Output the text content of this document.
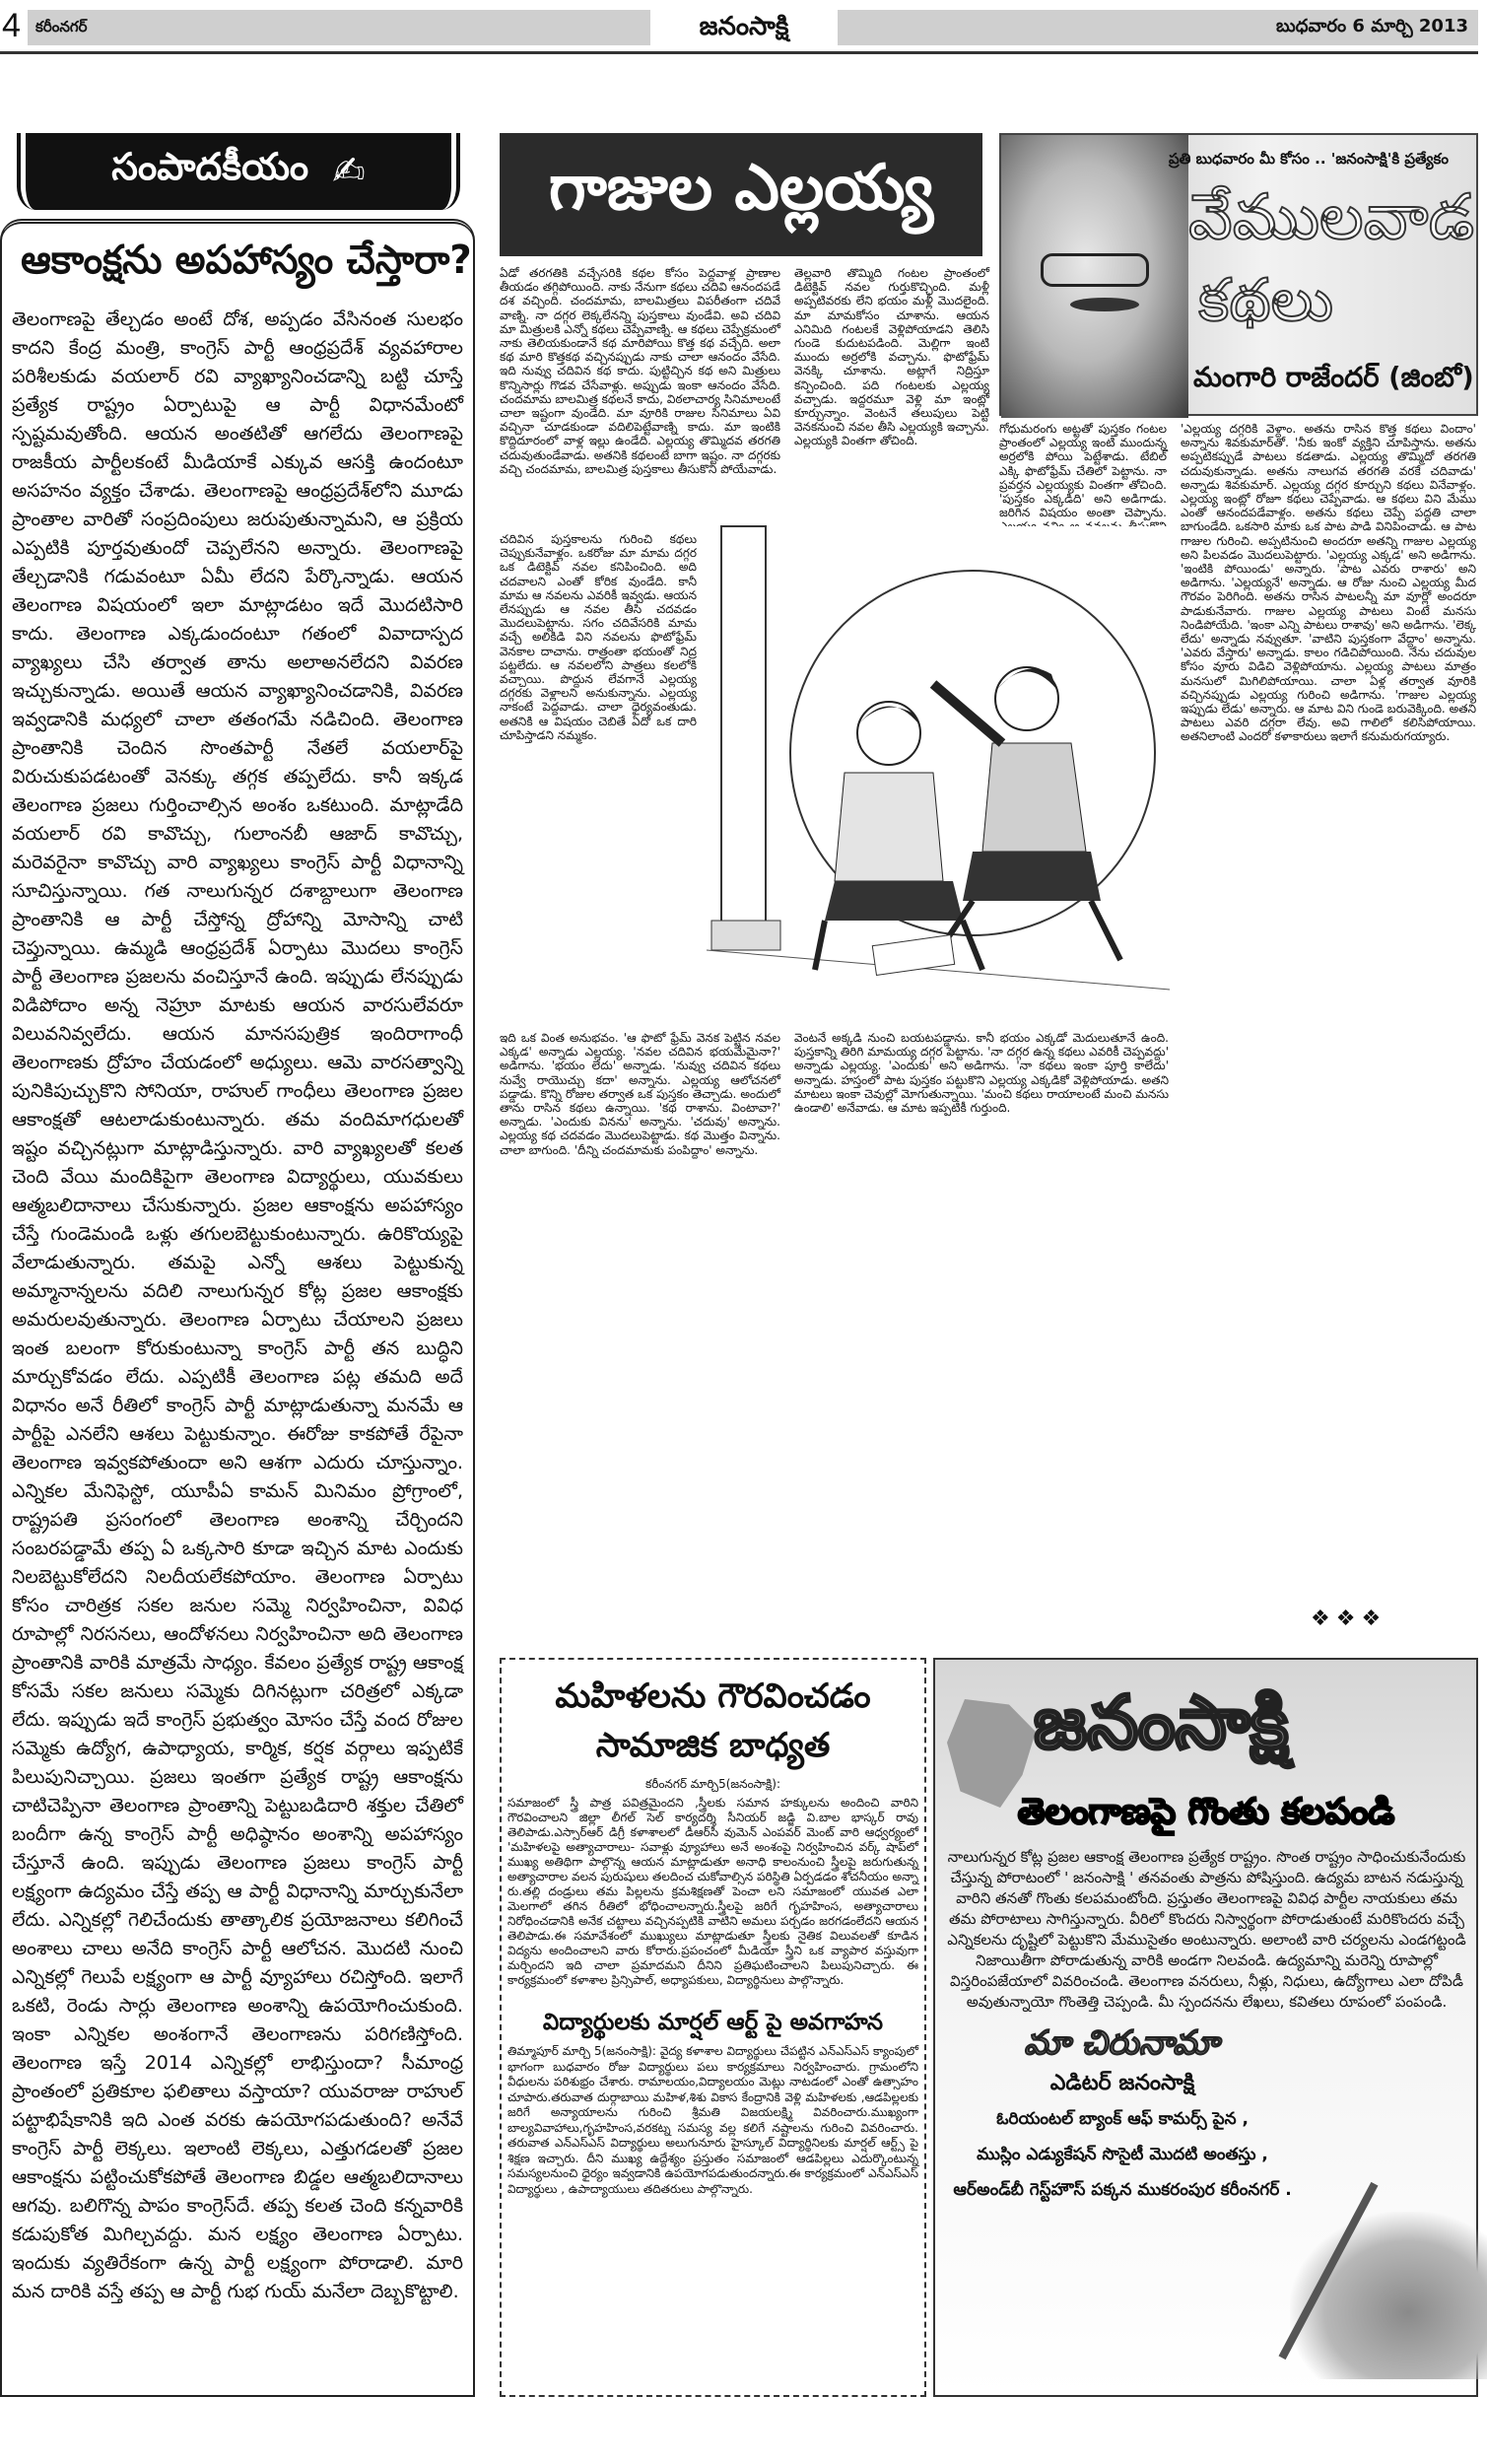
4 కరీంనగర్	జనంసాక్షి	బుధవారం 6 మార్చి 2013
సంపాదకీయం ✍
ఆకాంక్షను అపహాస్యం చేస్తారా?

తెలంగాణపై తేల్చడం అంటే దోశ, అప్పడం వేసినంత సులభం కాదని కేంద్ర మంత్రి, కాంగ్రెస్ పార్టీ ఆంధ్రప్రదేశ్ వ్యవహారాల పరిశీలకుడు వయలార్ రవి వ్యాఖ్యానించడాన్ని బట్టి చూస్తే ప్రత్యేక రాష్ట్రం ఏర్పాటుపై ఆ పార్టీ విధానమేంటో స్పష్టమవుతోంది. ఆయన అంతటితో ఆగలేదు తెలంగాణపై రాజకీయ పార్టీలకంటే మీడియాకే ఎక్కువ ఆసక్తి ఉందంటూ అసహనం వ్యక్తం చేశాడు. తెలంగాణపై ఆంధ్రప్రదేశ్‌లోని మూడు ప్రాంతాల వారితో సంప్రదింపులు జరుపుతున్నామని, ఆ ప్రక్రియ ఎప్పటికి పూర్తవుతుందో చెప్పలేనని అన్నారు. తెలంగాణపై తేల్చడానికి గడువంటూ ఏమీ లేదని పేర్కొన్నాడు. ఆయన తెలంగాణ విషయంలో ఇలా మాట్లాడటం ఇదే మొదటిసారి కాదు. తెలంగాణ ఎక్కడుందంటూ గతంలో వివాదాస్పద వ్యాఖ్యలు చేసి తర్వాత తాను అలాఅనలేదని వివరణ ఇచ్చుకున్నాడు. అయితే ఆయన వ్యాఖ్యానించడానికి, వివరణ ఇవ్వడానికి మధ్యలో చాలా తతంగమే నడిచింది. తెలంగాణ ప్రాంతానికి చెందిన సొంతపార్టీ నేతలే వయలార్‌పై విరుచుకుపడటంతో వెనక్కు తగ్గక తప్పలేదు. కానీ ఇక్కడ తెలంగాణ ప్రజలు గుర్తించాల్సిన అంశం ఒకటుంది. మాట్లాడేది వయలార్ రవి కావొచ్చు, గులాంనబీ ఆజాద్ కావొచ్చు, మరెవరైనా కావొచ్చు వారి వ్యాఖ్యలు కాంగ్రెస్ పార్టీ విధానాన్ని సూచిస్తున్నాయి. గత నాలుగున్నర దశాబ్దాలుగా తెలంగాణ ప్రాంతానికి ఆ పార్టీ చేస్తోన్న ద్రోహాన్ని మోసాన్ని చాటి చెప్తున్నాయి. ఉమ్మడి ఆంధ్రప్రదేశ్ ఏర్పాటు మొదలు కాంగ్రెస్ పార్టీ తెలంగాణ ప్రజలను వంచిస్తూనే ఉంది. ఇప్పుడు లేనప్పుడు విడిపోదాం అన్న నెహ్రూ మాటకు ఆయన వారసులేవరూ విలువనివ్వలేదు. ఆయన మానసపుత్రిక ఇందిరాగాంధీ తెలంగాణకు ద్రోహం చేయడంలో అధ్యులు. ఆమె వారసత్వాన్ని పునికిపుచ్చుకొని సోనియా, రాహుల్ గాంధీలు తెలంగాణ ప్రజల ఆకాంక్షతో ఆటలాడుకుంటున్నారు. తమ వందిమాగధులతో ఇష్టం వచ్చినట్లుగా మాట్లాడిస్తున్నారు. వారి వ్యాఖ్యలతో కలత చెంది వేయి మందికిపైగా తెలంగాణ విద్యార్థులు, యువకులు ఆత్మబలిదానాలు చేసుకున్నారు. ప్రజల ఆకాంక్షను అపహాస్యం చేస్తే గుండెమండి ఒళ్లు తగులబెట్టుకుంటున్నారు. ఉరికొయ్యపై వేలాడుతున్నారు. తమపై ఎన్నో ఆశలు పెట్టుకున్న అమ్మానాన్నలను వదిలి నాలుగున్నర కోట్ల ప్రజల ఆకాంక్షకు అమరులవుతున్నారు. తెలంగాణ ఏర్పాటు చేయాలని ప్రజలు ఇంత బలంగా కోరుకుంటున్నా కాంగ్రెస్ పార్టీ తన బుద్ధిని మార్చుకోవడం లేదు. ఎప్పటికీ తెలంగాణ పట్ల తమది అదే విధానం అనే రీతిలో కాంగ్రెస్ పార్టీ మాట్లాడుతున్నా మనమే ఆ పార్టీపై ఎనలేని ఆశలు పెట్టుకున్నాం. ఈరోజు కాకపోతే రేపైనా తెలంగాణ ఇవ్వకపోతుందా అని ఆశగా ఎదురు చూస్తున్నాం. ఎన్నికల మేనిఫెస్టో, యూపీఏ కామన్ మినిమం ప్రోగ్రాంలో, రాష్ట్రపతి ప్రసంగంలో తెలంగాణ అంశాన్ని చేర్చిందని సంబరపడ్డామే తప్ప ఏ ఒక్కసారి కూడా ఇచ్చిన మాట ఎందుకు నిలబెట్టుకోలేదని నిలదీయలేకపోయాం. తెలంగాణ ఏర్పాటు కోసం చారిత్రక సకల జనుల సమ్మె నిర్వహించినా, వివిధ రూపాల్లో నిరసనలు, ఆందోళనలు నిర్వహించినా అది తెలంగాణ ప్రాంతానికి వారికి మాత్రమే సాధ్యం. కేవలం ప్రత్యేక రాష్ట్ర ఆకాంక్ష కోసమే సకల జనులు సమ్మెకు దిగినట్లుగా చరిత్రలో ఎక్కడా లేదు. ఇప్పుడు ఇదే కాంగ్రెస్ ప్రభుత్వం మోసం చేస్తే వంద రోజుల సమ్మెకు ఉద్యోగ, ఉపాధ్యాయ, కార్మిక, కర్షక వర్గాలు ఇప్పటికే పిలుపునిచ్చాయి. ప్రజలు ఇంతగా ప్రత్యేక రాష్ట్ర ఆకాంక్షను చాటిచెప్పినా తెలంగాణ ప్రాంతాన్ని పెట్టుబడిదారి శక్తుల చేతిలో బందీగా ఉన్న కాంగ్రెస్ పార్టీ అధిష్ఠానం అంశాన్ని అపహాస్యం చేస్తూనే ఉంది. ఇప్పుడు తెలంగాణ ప్రజలు కాంగ్రెస్ పార్టీ లక్ష్యంగా ఉద్యమం చేస్తే తప్ప ఆ పార్టీ విధానాన్ని మార్చుకునేలా లేదు. ఎన్నికల్లో గెలిచేందుకు తాత్కాలిక ప్రయోజనాలు కలిగించే అంశాలు చాలు అనేది కాంగ్రెస్ పార్టీ ఆలోచన. మొదటి నుంచి ఎన్నికల్లో గెలుపే లక్ష్యంగా ఆ పార్టీ వ్యూహాలు రచిస్తోంది. ఇలాగే ఒకటి, రెండు సార్లు తెలంగాణ అంశాన్ని ఉపయోగించుకుంది. ఇంకా ఎన్నికల అంశంగానే తెలంగాణను పరిగణిస్తోంది. తెలంగాణ ఇస్తే 2014 ఎన్నికల్లో లాభిస్తుందా? సీమాంధ్ర ప్రాంతంలో ప్రతికూల ఫలితాలు వస్తాయా? యువరాజు రాహుల్ పట్టాభిషేకానికి ఇది ఎంత వరకు ఉపయోగపడుతుంది? అనేవే కాంగ్రెస్ పార్టీ లెక్కలు. ఇలాంటి లెక్కలు, ఎత్తుగడలతో ప్రజల ఆకాంక్షను పట్టించుకోకపోతే తెలంగాణ బిడ్డల ఆత్మబలిదానాలు ఆగవు. బలిగొన్న పాపం కాంగ్రెస్‌దే. తప్ప కలత చెంది కన్నవారికి కడుపుకోత మిగిల్చవద్దు. మన లక్ష్యం తెలంగాణ ఏర్పాటు. ఇందుకు వ్యతిరేకంగా ఉన్న పార్టీ లక్ష్యంగా పోరాడాలి. మారి మన దారికి వస్తే తప్ప ఆ పార్టీ గుభ గుయ్ మనేలా దెబ్బకొట్టాలి.

గాజుల ఎల్లయ్య	ప్రతి బుధవారం మీ కోసం .. 'జనంసాక్షి'కి ప్రత్యేకం
వేములవాడ
కథలు
మంగారి రాజేందర్ (జింబో)
ఏడో తరగతికి వచ్చేసరికి కథల కోసం పెద్దవాళ్ల ప్రాణాల తీయడం తగ్గిపోయింది. నాకు నేనుగా కథలు చదివి ఆనందపడే దశ వచ్చింది. చందమామ, బాలమిత్రలు విపరీతంగా చదివే వాణ్ని. నా దగ్గర లెక్కలేనన్ని పుస్తకాలు వుండేవి. అవి చదివి మా మిత్రులకి ఎన్నో కథలు చెప్పేవాణ్ని. ఆ కథలు చెప్పేక్రమంలో నాకు తెలియకుండానే కథ మారిపోయి కొత్త కథ వచ్చేది. అలా కథ మారి కొత్తకథ వచ్చినప్పుడు నాకు చాలా ఆనందం వేసేది. ఇది నువ్వు చదివిన కథ కాదు. పుట్టిచ్చిన కథ అని మిత్రులు కొన్నిసార్లు గొడవ చేసేవాళ్లు. అప్పుడు ఇంకా ఆనందం వేసేది. చందమామ బాలమిత్ర కథలనే కాదు, విఠలాచార్య సినిమాలంటే చాలా ఇష్టంగా వుండేది. మా వూరికి రాజుల సినిమాలు ఏవి వచ్చినా చూడకుండా వదిలిపెట్టేవాణ్ని కాదు. మా ఇంటికి కొద్దిదూరంలో వాళ్ల ఇల్లు ఉండేది. ఎల్లయ్య తొమ్మిదవ తరగతి చదువుతుండేవాడు. అతనికి కథలంటే బాగా ఇష్టం. నా దగ్గరకు వచ్చి చందమామ, బాలమిత్ర పుస్తకాలు తీసుకొని పోయేవాడు.
తెల్లవారి తొమ్మిది గంటల ప్రాంతంలో డిటెక్టివ్ నవల గుర్తుకొచ్చింది. మళ్లీ అప్పటివరకు లేని భయం మళ్లీ మొదలైంది. మా మామకోసం చూశాను. ఆయన ఎనిమిది గంటలకే వెళ్లిపోయాడని తెలిసి గుండె కుదుటపడింది. మెల్లిగా ఇంటి ముందు అర్రలోకి వచ్చాను. ఫొటోఫ్రేమ్ వెనక్కి చూశాను. అట్లాగే నిద్రిస్తూ కన్పించింది. పది గంటలకు ఎల్లయ్య వచ్చాడు. ఇద్దరమూ వెళ్లి మా ఇంట్లో కూర్చున్నాం. వెంటనే తలుపులు పెట్టి వెనకనుంచి నవల తీసి ఎల్లయ్యకి ఇచ్చాను. ఎల్లయ్యకి వింతగా తోచింది.
చదివిన పుస్తకాలను గురించి కథలు చెప్పుకునేవాళ్లం. ఒకరోజు మా మామ దగ్గర ఒక డిటెక్టివ్ నవల కనిపించింది. అది చదవాలని ఎంతో కోరిక వుండేది. కానీ మామ ఆ నవలను ఎవరికీ ఇవ్వడు. ఆయన లేనప్పుడు ఆ నవల తీసి చదవడం మొదలుపెట్టాను. సగం చదివేసరికి మామ వచ్చే అలికిడి విని నవలను ఫొటోఫ్రేమ్ వెనకాల దాచాను. రాత్రంతా భయంతో నిద్ర పట్టలేదు. ఆ నవలలోని పాత్రలు కలలోకి వచ్చాయి. పొద్దున లేవగానే ఎల్లయ్య దగ్గరకు వెళ్లాలని అనుకున్నాను. ఎల్లయ్య నాకంటే పెద్దవాడు. చాలా ధైర్యవంతుడు. అతనికి ఆ విషయం చెబితే ఏదో ఒక దారి చూపిస్తాడని నమ్మకం.
గోధుమరంగు అట్టతో పుస్తకం గంటల ప్రాంతంలో ఎల్లయ్య ఇంటి ముందున్న అర్రలోకి పోయి పెట్టేశాడు. టేబిల్ ఎక్కి ఫొటోఫ్రేమ్ చేతిలో పెట్టాను. నా ప్రవర్తన ఎల్లయ్యకు వింతగా తోచింది. 'పుస్తకం ఎక్కడిది' అని అడిగాడు. జరిగిన విషయం అంతా చెప్పాను.
'ఎల్లయ్య దగ్గరికి వెళ్దాం. అతను రాసిన కొత్త కథలు విందాం' అన్నాను శివకుమార్‌తో. 'నీకు ఇంకో వ్యక్తిని చూపిస్తాను. అతను అప్పటికప్పుడే పాటలు కడతాడు. ఎల్లయ్య తొమ్మిదో తరగతి చదువుకున్నాడు. అతను నాలుగవ తరగతి వరకే చదివాడు' అన్నాడు శివకుమార్. ఎల్లయ్య దగ్గర కూర్చుని కథలు వినేవాళ్లం. ఎల్లయ్య ఇంట్లో రోజూ కథలు చెప్పేవాడు. ఆ కథలు విని మేము ఎంతో ఆనందపడేవాళ్లం. అతను కథలు చెప్పే పద్ధతి చాలా బాగుండేది. ఒకసారి మాకు ఒక పాట పాడి వినిపించాడు. ఆ పాట గాజుల గురించి. అప్పటినుంచి అందరూ అతన్ని గాజుల ఎల్లయ్య అని పిలవడం మొదలుపెట్టారు. 'ఎల్లయ్య ఎక్కడ' అని అడిగాను. 'ఇంటికి పోయిండు' అన్నారు. 'పాట ఎవరు రాశారు' అని అడిగాను. 'ఎల్లయ్యనే' అన్నాడు. ఆ రోజు నుంచి ఎల్లయ్య మీద గౌరవం పెరిగింది. అతను రాసిన పాటలన్నీ మా వూర్లో అందరూ పాడుకునేవారు. గాజుల ఎల్లయ్య పాటలు వింటే మనసు నిండిపోయేది. 'ఇంకా ఎన్ని పాటలు రాశావు' అని అడిగాను. 'లెక్క లేదు' అన్నాడు నవ్వుతూ. 'వాటిని పుస్తకంగా వేద్దాం' అన్నాను. 'ఎవరు వేస్తారు' అన్నాడు. కాలం గడిచిపోయింది. నేను చదువుల కోసం వూరు విడిచి వెళ్లిపోయాను. ఎల్లయ్య పాటలు మాత్రం మనసులో మిగిలిపోయాయి. చాలా ఏళ్ల తర్వాత వూరికి వచ్చినప్పుడు ఎల్లయ్య గురించి అడిగాను. 'గాజుల ఎల్లయ్య ఇప్పుడు లేడు' అన్నారు. ఆ మాట విని గుండె బరువెక్కింది. అతని పాటలు ఎవరి దగ్గరా లేవు. అవి గాలిలో కలిసిపోయాయి. అతనిలాంటి ఎందరో కళాకారులు ఇలాగే కనుమరుగయ్యారు.
ఇది ఒక వింత అనుభవం. 'ఆ ఫొటో ఫ్రేమ్ వెనక పెట్టిన నవల ఎక్కడ' అన్నాడు ఎల్లయ్య. 'నవల చదివిన భయమేమైనా?' అడిగాను. 'భయం లేదు' అన్నాడు. 'నువ్వు చదివిన కథలు నువ్వే రాయొచ్చు కదా' అన్నాను. ఎల్లయ్య ఆలోచనలో పడ్డాడు. కొన్ని రోజుల తర్వాత ఒక పుస్తకం తెచ్చాడు. అందులో తాను రాసిన కథలు ఉన్నాయి. 'కథ రాశాను. వింటావా?' అన్నాడు. 'ఎందుకు వినను' అన్నాను. 'చదువు' అన్నాను. ఎల్లయ్య కథ చదవడం మొదలుపెట్టాడు. కథ మొత్తం విన్నాను. చాలా బాగుంది. 'దీన్ని చందమామకు పంపిద్దాం' అన్నాను.
వెంటనే అక్కడి నుంచి బయటపడ్డాను. కానీ భయం ఎక్కడో మెదులుతూనే ఉంది. పుస్తకాన్ని తిరిగి మామయ్య దగ్గర పెట్టాను. 'నా దగ్గర ఉన్న కథలు ఎవరికీ చెప్పవద్దు' అన్నాడు ఎల్లయ్య. 'ఎందుకు' అని అడిగాను. 'నా కథలు ఇంకా పూర్తి కాలేదు' అన్నాడు. హస్తంలో పాట పుస్తకం పట్టుకొని ఎల్లయ్య ఎక్కడికో వెళ్లిపోయాడు. అతని మాటలు ఇంకా చెవుల్లో మోగుతున్నాయి. 'మంచి కథలు రాయాలంటే మంచి మనసు ఉండాలి' అనేవాడు. ఆ మాట ఇప్పటికీ గుర్తుంది.
❖❖❖
మహిళలను గౌరవించడం సామాజిక బాధ్యత
కరీంనగర్ మార్చి5(జనంసాక్షి):
సమాజంలో స్త్రీ పాత్ర పవిత్రమైందని ,స్త్రీలకు సమాన హక్కులను అందించి వారిని గౌరవించాలని జిల్లా లీగల్ సెల్ కార్యదర్శి సీనియర్ జడ్జి వి.బాల భాస్కర్ రావు తెలిపాడు.ఎస్సార్ఆర్ డిగ్రీ కళాశాలలో డీఆర్‌సీ వుమెన్ ఎంపవర్ మెంట్ వారి ఆధ్వర్యంలో 'మహిళలపై అత్యాచారాలు- సవాళ్లు వ్యూహాలు అనే అంశంపై నిర్వహించిన వర్క్ షాప్‌లో ముఖ్య అతిథిగా పాల్గొన్న ఆయన మాట్లాడుతూ అనాధి కాలంనుంచి స్త్రీలపై జరుగుతున్న అత్యాచారాల వలన పురుషులు తలదించ చుకోవాల్సిన పరిస్థితి ఏర్పడడం శోచనీయం అన్నా రు.తల్లి దండ్రులు తమ పిల్లలను క్రమశిక్షణతో పెంచా లని సమాజంలో యువత ఎలా మెలగాలో తగిన రీతిలో భోధించాలన్నారు.స్త్రీలపై జరిగే గృహహింస, అత్యాచారాలు నిరోధించడానికి అనేక చట్టాలు వచ్చినప్పటికి వాటిని అమలు పర్చడం జరగడంలేదని ఆయన తెలిపాడు.ఈ సమావేశంలో ముఖ్యులు మాట్లాడుతూ స్త్రీలకు నైతిక విలువలతో కూడిన విద్యను అందించాలని వారు కోరారు.ప్రపంచంలో మీడియా స్త్రీని ఒక వ్యాపార వస్తువుగా మర్చిందని ఇది చాలా ప్రమాదమని దీనిని ప్రతిఘటించాలని పిలుపునిచ్చారు. ఈ కార్యక్రమంలో కళాశాల ప్రిన్సిపాల్, అధ్యాపకులు, విద్యార్థినులు పాల్గొన్నారు.
విద్యార్థులకు మార్షల్ ఆర్ట్ పై అవగాహన
తిమ్మాపూర్ మార్చి 5(జనంసాక్షి): వైద్య కళాశాల విద్యార్థులు చేపట్టిన ఎన్ఎస్ఎస్ క్యాంపులో భాగంగా బుధవారం రోజు విద్యార్థులు పలు కార్యక్రమాలు నిర్వహించారు. గ్రామంలోని వీధులను పరిశుభ్రం చేశారు. రామాలయం,విద్యాలయం మెట్లు నాటడంలో ఎంతో ఉత్సాహం చూపారు.తరువాత దుర్గాబాయి మహిళ,శిశు వికాస కేంద్రానికి వెళ్లి మహిళలకు ,ఆడపిల్లలకు జరిగే అన్యాయాలను గురించి శ్రీమతి విజయలక్ష్మి వివరించారు.ముఖ్యంగా బాల్యవివాహాలు,గృహహింస,వరకట్న సమస్య వల్ల కలిగే నష్టాలను గురించి వివరించారు. తరువాత ఎన్ఎస్ఎస్ విద్యార్థులు అలుగునూరు హైస్కూల్ విద్యార్థినిలకు మార్షల్ ఆర్ట్స్ పై శిక్షణ ఇచ్చారు. దీని ముఖ్య ఉద్దేశ్యం ప్రస్తుతం సమాజంలో ఆడపిల్లలు ఎదుర్కొంటున్న సమస్యలనుంచి ధైర్యం ఇవ్వడానికి ఉపయోగపడుతుందన్నారు.ఈ కార్యక్రమంలో ఎన్ఎస్ఎస్ విద్యార్థులు , ఉపాద్యాయులు తదితరులు పాల్గొన్నారు.
జనంసాక్షి
తెలంగాణపై గొంతు కలపండి
నాలుగున్నర కోట్ల ప్రజల ఆకాంక్ష తెలంగాణ ప్రత్యేక రాష్ట్రం. సొంత రాష్ట్రం సాధించుకునేందుకు చేస్తున్న పోరాటంలో ' జనంసాక్షి ' తనవంతు పాత్రను పోషిస్తుంది. ఉద్యమ బాటన నడుస్తున్న వారిని తనతో గొంతు కలపమంటోంది. ప్రస్తుతం తెలంగాణపై వివిధ పార్టీల నాయకులు తమ తమ పోరాటాలు సాగిస్తున్నారు. వీరిలో కొందరు నిస్వార్థంగా పోరాడుతుంటే మరికొందరు వచ్చే ఎన్నికలను దృష్టిలో పెట్టుకొని మేముసైతం అంటున్నారు. అలాంటి వారి చర్యలను ఎండగట్టండి నిజాయితీగా పోరాడుతున్న వారికి అండగా నిలవండి. ఉద్యమాన్ని మరెన్ని రూపాల్లో విస్తరింపజేయాలో వివరించండి. తెలంగాణ వనరులు, నీళ్లు, నిధులు, ఉద్యోగాలు ఎలా దోపిడీ అవుతున్నాయో గొంతెత్తి చెప్పండి. మీ స్పందనను లేఖలు, కవితలు రూపంలో పంపండి.
మా చిరునామా
ఎడిటర్ జనంసాక్షి
ఓరియంటల్ బ్యాంక్ ఆఫ్ కామర్స్ పైన ,
ముస్లిం ఎడ్యుకేషన్ సొసైటీ మొదటి అంతస్తు ,
ఆర్అండ్‌బీ గెస్ట్‌హౌస్ పక్కన ముకరంపుర కరీంనగర్ .
